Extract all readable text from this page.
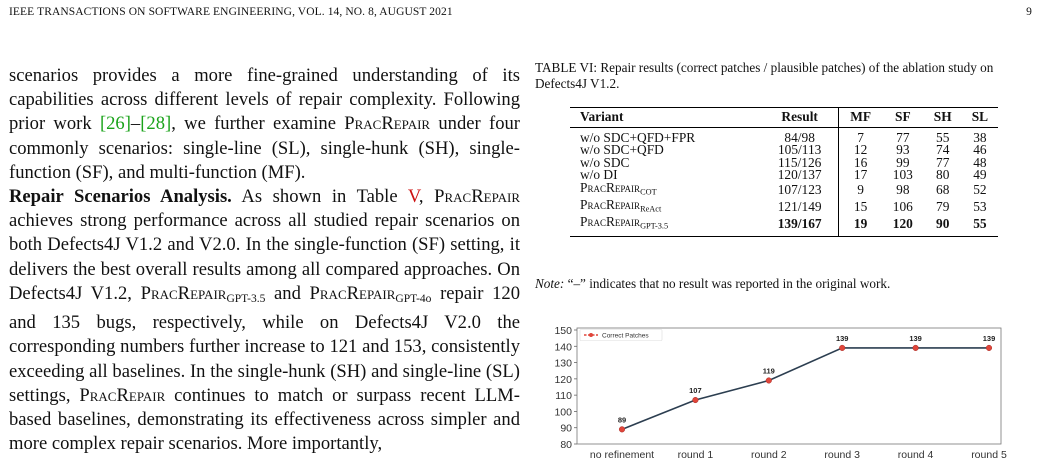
IEEE TRANSACTIONS ON SOFTWARE ENGINEERING, VOL. 14, NO. 8, AUGUST 2021	9

scenarios provides a more fine-grained understanding of its capabilities across different levels of repair complexity. Following prior work [26]–[28], we further examine PracRepair under four commonly scenarios: single-line (SL), single-hunk (SH), single-function (SF), and multi-function (MF).

Repair Scenarios Analysis. As shown in Table V, PracRepair achieves strong performance across all studied repair scenarios on both Defects4J V1.2 and V2.0. In the single-function (SF) setting, it delivers the best overall results among all compared approaches. On Defects4J V1.2, PracRepair$_{GPT-3.5}$ and PracRepair$_{GPT-4o}$ repair 120 and 135 bugs, respectively, while on Defects4J V2.0 the corresponding numbers further increase to 121 and 153, consistently exceeding all baselines. In the single-hunk (SH) and single-line (SL) settings, PracRepair continues to match or surpass recent LLM-based baselines, demonstrating its effectiveness across simpler and more complex repair scenarios. More importantly,

TABLE VI: Repair results (correct patches / plausible patches) of the ablation study on Defects4J V1.2.
Variant	Result	MF	SF	SH	SL
w/o SDC+QFD+FPR	84/98	7	77	55	38
w/o SDC+QFD	105/113	12	93	74	46
w/o SDC	115/126	16	99	77	48
w/o DI	120/137	17	103	80	49
PracRepair$_{COT}$	107/123	9	98	68	52
PracRepair$_{ReAct}$	121/149	15	106	79	53
PracRepair$_{GPT-3.5}$	139/167	19	120	90	55
Note: “–” indicates that no result was reported in the original work.
80
90
100
110
120
130
140
150
no refinement round 1	round 2	round 3	round 4	round 5
89
107
119
139	139	139
Correct Patches
